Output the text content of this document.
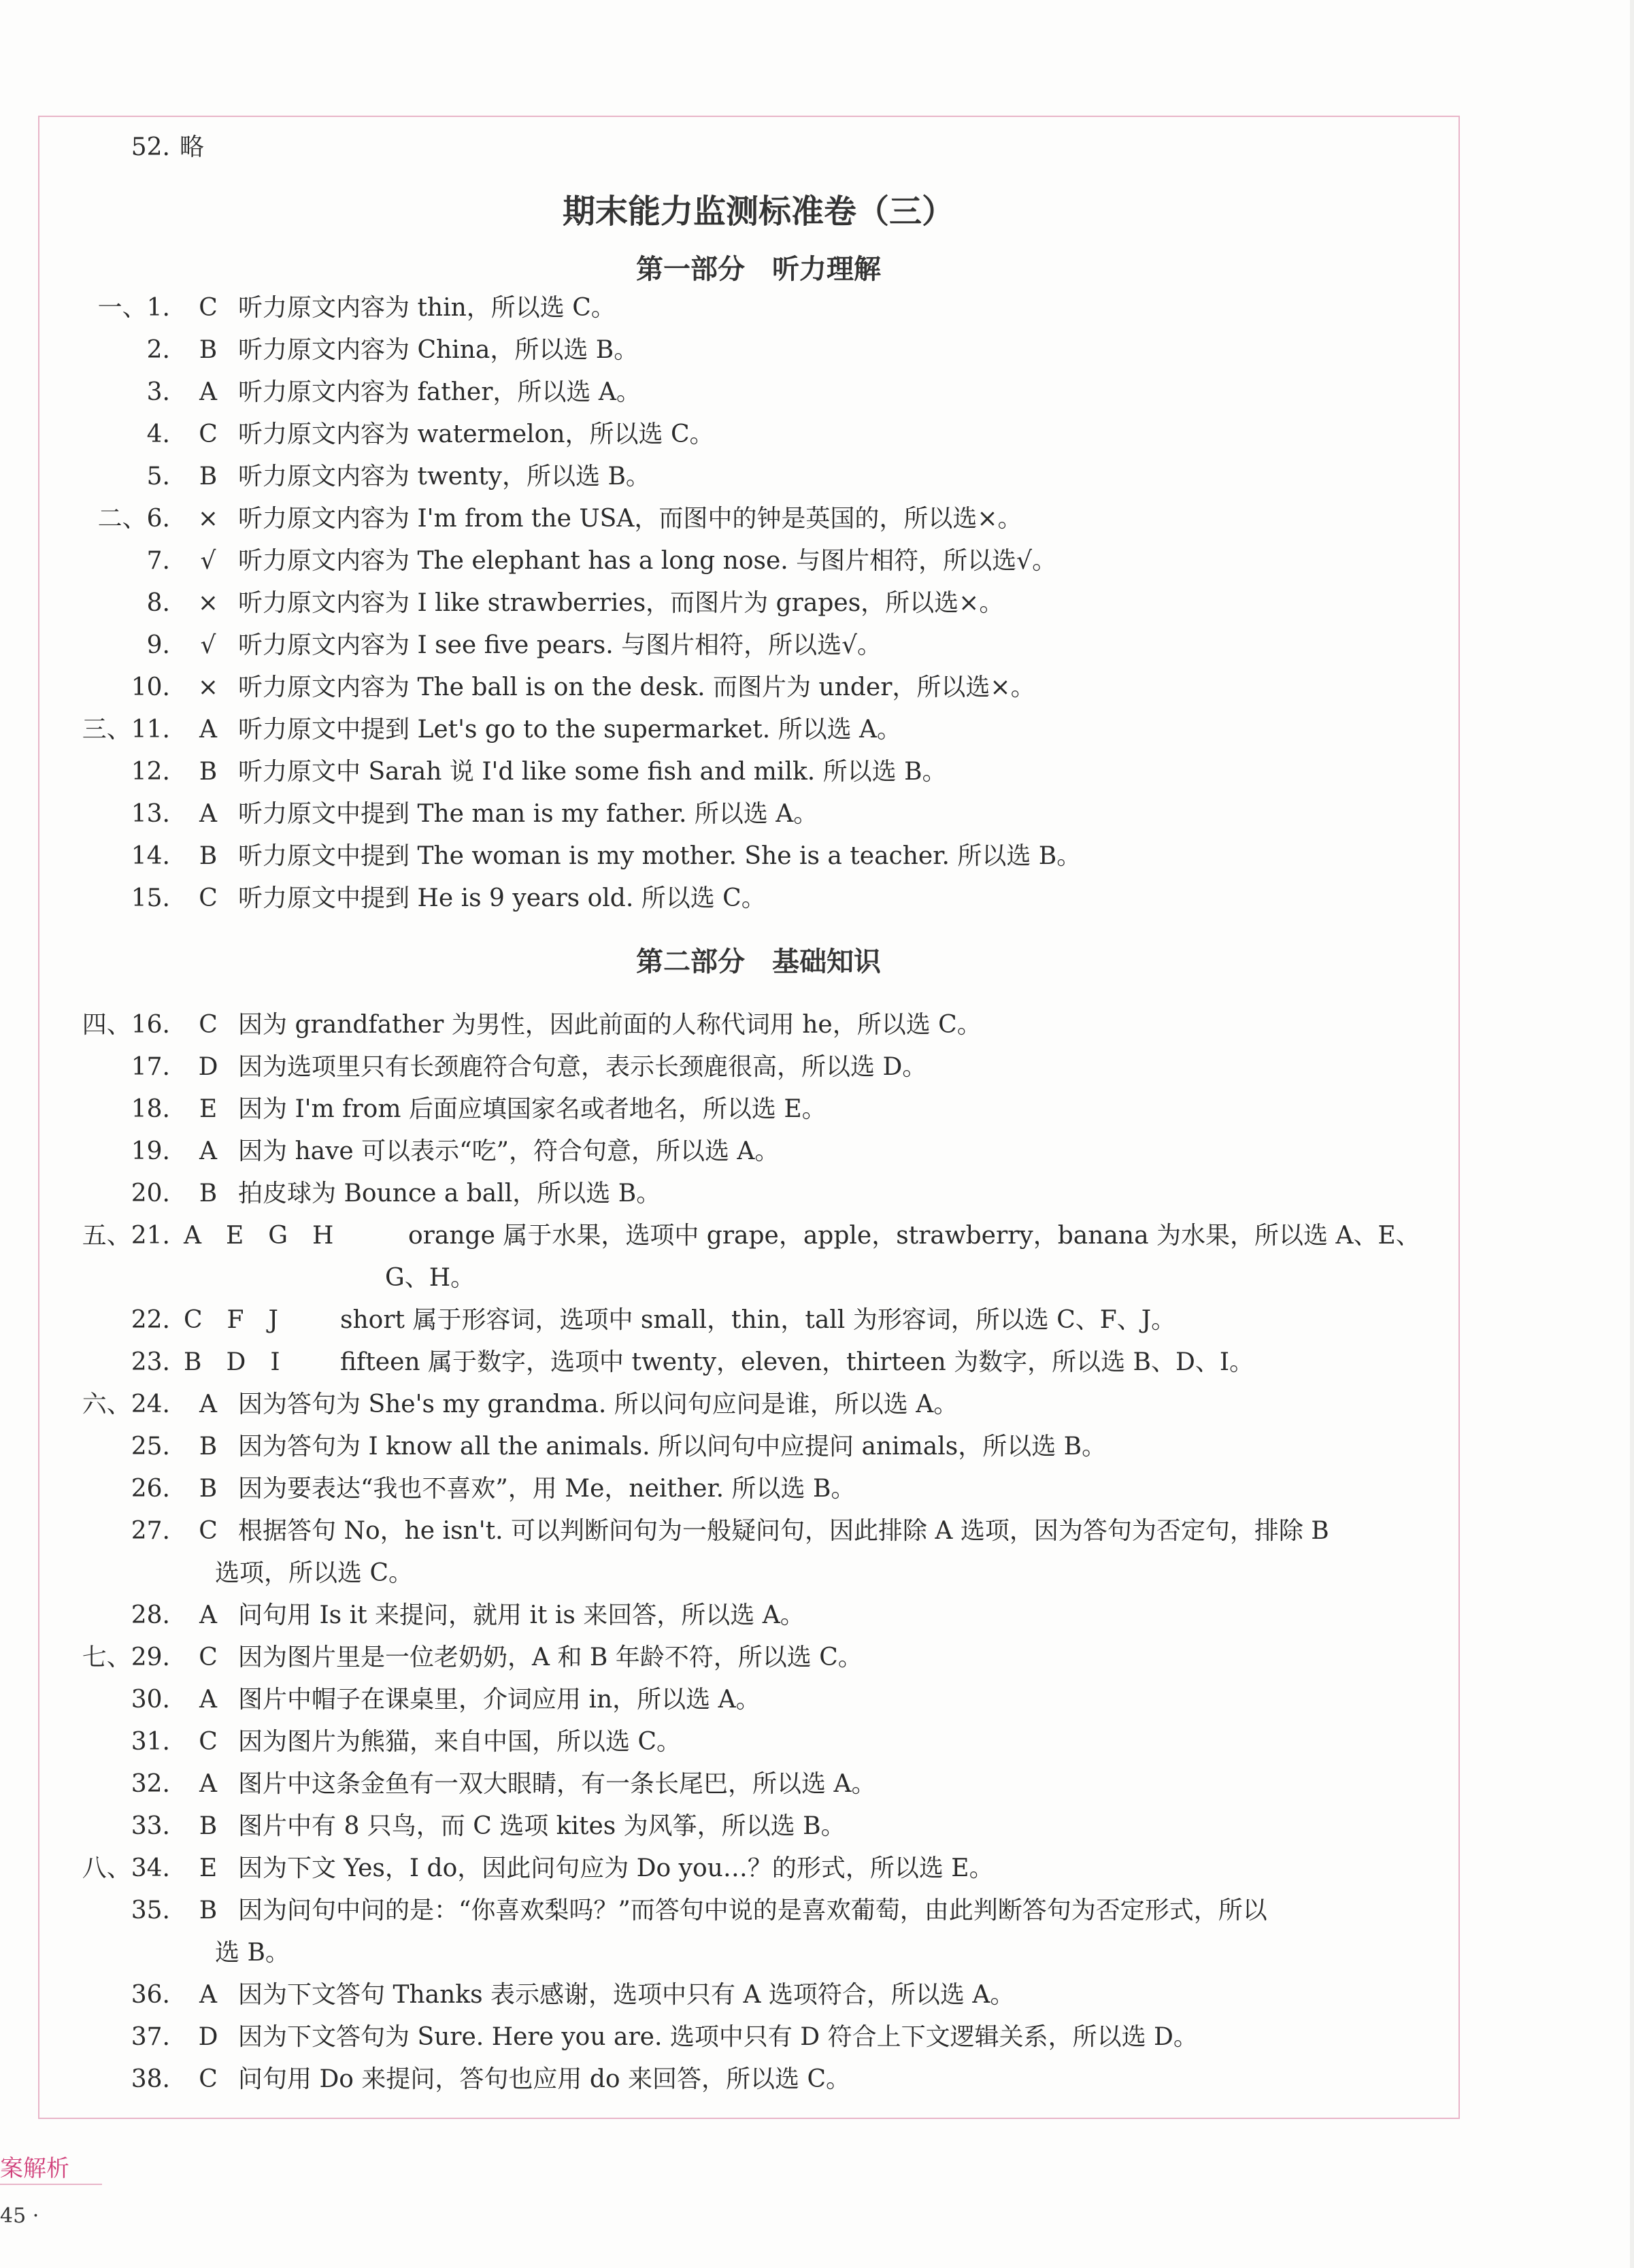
52. 略
期末能力监测标准卷（三）
第一部分　听力理解
第二部分　基础知识
一、1.	C 听力原文内容为 thin，所以选 C。
2.	B 听力原文内容为 China，所以选 B。
3.	A 听力原文内容为 father，所以选 A。
4.	C 听力原文内容为 watermelon，所以选 C。
5.	B 听力原文内容为 twenty，所以选 B。
二、6.	× 听力原文内容为 I'm from the USA，而图中的钟是英国的，所以选×。
7.	√ 听力原文内容为 The elephant has a long nose. 与图片相符，所以选√。
8.	× 听力原文内容为 I like strawberries，而图片为 grapes，所以选×。
9.	√ 听力原文内容为 I see five pears. 与图片相符，所以选√。
10.	× 听力原文内容为 The ball is on the desk. 而图片为 under，所以选×。
三、11.	A 听力原文中提到 Let's go to the supermarket. 所以选 A。
12.	B 听力原文中 Sarah 说 I'd like some fish and milk. 所以选 B。
13.	A 听力原文中提到 The man is my father. 所以选 A。
14.	B 听力原文中提到 The woman is my mother. She is a teacher. 所以选 B。
15.	C 听力原文中提到 He is 9 years old. 所以选 C。
四、16.	C 因为 grandfather 为男性，因此前面的人称代词用 he，所以选 C。
17.	D 因为选项里只有长颈鹿符合句意，表示长颈鹿很高，所以选 D。
18.	E 因为 I'm from 后面应填国家名或者地名，所以选 E。
19.	A 因为 have 可以表示“吃”，符合句意，所以选 A。
20.	B 拍皮球为 Bounce a ball，所以选 B。
五、21. A　E　G　H	orange 属于水果，选项中 grape，apple，strawberry，banana 为水果，所以选 A、E、
G、H。
22. C　F　J	short 属于形容词，选项中 small，thin，tall 为形容词，所以选 C、F、J。
23. B　D　I fifteen 属于数字，选项中 twenty，eleven，thirteen 为数字，所以选 B、D、I。
六、24.	A 因为答句为 She's my grandma. 所以问句应问是谁，所以选 A。
25.	B 因为答句为 I know all the animals. 所以问句中应提问 animals，所以选 B。
26.	B 因为要表达“我也不喜欢”，用 Me，neither. 所以选 B。
27.	C 根据答句 No，he isn't. 可以判断问句为一般疑问句，因此排除 A 选项，因为答句为否定句，排除 B
选项，所以选 C。
28.	A 问句用 Is it 来提问，就用 it is 来回答，所以选 A。
七、29.	C 因为图片里是一位老奶奶，A 和 B 年龄不符，所以选 C。
30.	A 图片中帽子在课桌里，介词应用 in，所以选 A。
31.	C 因为图片为熊猫，来自中国，所以选 C。
32.	A 图片中这条金鱼有一双大眼睛，有一条长尾巴，所以选 A。
33.	B 图片中有 8 只鸟，而 C 选项 kites 为风筝，所以选 B。
八、34.	E 因为下文 Yes，I do，因此问句应为 Do you…？的形式，所以选 E。
35.	B 因为问句中问的是：“你喜欢梨吗？”而答句中说的是喜欢葡萄，由此判断答句为否定形式，所以
选 B。
36.	A 因为下文答句 Thanks 表示感谢，选项中只有 A 选项符合，所以选 A。
37.	D 因为下文答句为 Sure. Here you are. 选项中只有 D 符合上下文逻辑关系，所以选 D。
38.	C 问句用 Do 来提问，答句也应用 do 来回答，所以选 C。
案解析
45 ·
